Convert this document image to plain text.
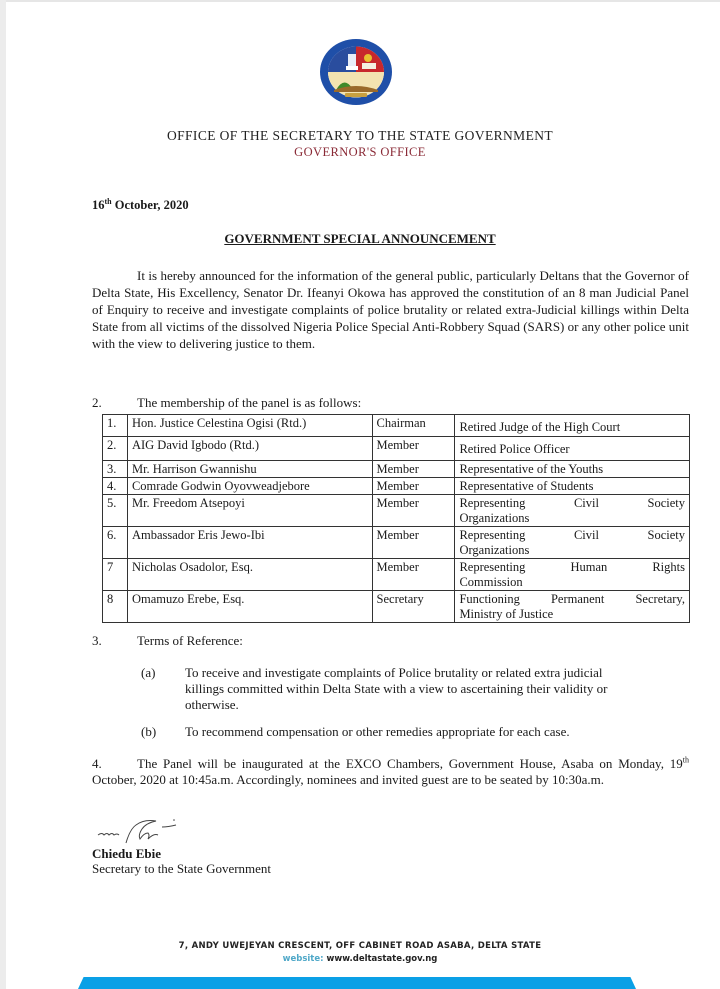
OFFICE OF THE SECRETARY TO THE STATE GOVERNMENT
GOVERNOR'S OFFICE
16th October, 2020
GOVERNMENT SPECIAL ANNOUNCEMENT
It is hereby announced for the information of the general public, particularly Deltans that the Governor of Delta State, His Excellency, Senator Dr. Ifeanyi Okowa has approved the constitution of an 8 man Judicial Panel of Enquiry to receive and investigate complaints of police brutality or related extra-Judicial killings within Delta State from all victims of the dissolved Nigeria Police Special Anti-Robbery Squad (SARS) or any other police unit with the view to delivering justice to them.
2.	The membership of the panel is as follows:
1.	Hon. Justice Celestina Ogisi (Rtd.)	Chairman	Retired Judge of the High Court
2.	AIG David Igbodo (Rtd.)	Member	Retired Police Officer
3.	Mr. Harrison Gwannishu	Member	Representative of the Youths
4.	Comrade Godwin Oyovweadjebore	Member	Representative of Students
5.	Mr. Freedom Atsepoyi	Member	Representing Civil Society
Organizations
6.	Ambassador Eris Jewo-Ibi	Member	Representing Civil Society
Organizations
7	Nicholas Osadolor, Esq.	Member	Representing Human Rights
Commission
8	Omamuzo Erebe, Esq.	Secretary	Functioning Permanent Secretary,
Ministry of Justice
3.	Terms of Reference:
(a) To receive and investigate complaints of Police brutality or related extra judicial killings committed within Delta State with a view to ascertaining their validity or otherwise.
(b) To recommend compensation or other remedies appropriate for each case.
4.	The Panel will be inaugurated at the EXCO Chambers, Government House, Asaba on Monday, 19th October, 2020 at 10:45a.m. Accordingly, nominees and invited guest are to be seated by 10:30a.m.
Chiedu Ebie
Secretary to the State Government
7, ANDY UWEJEYAN CRESCENT, OFF CABINET ROAD ASABA, DELTA STATE
website: www.deltastate.gov.ng
